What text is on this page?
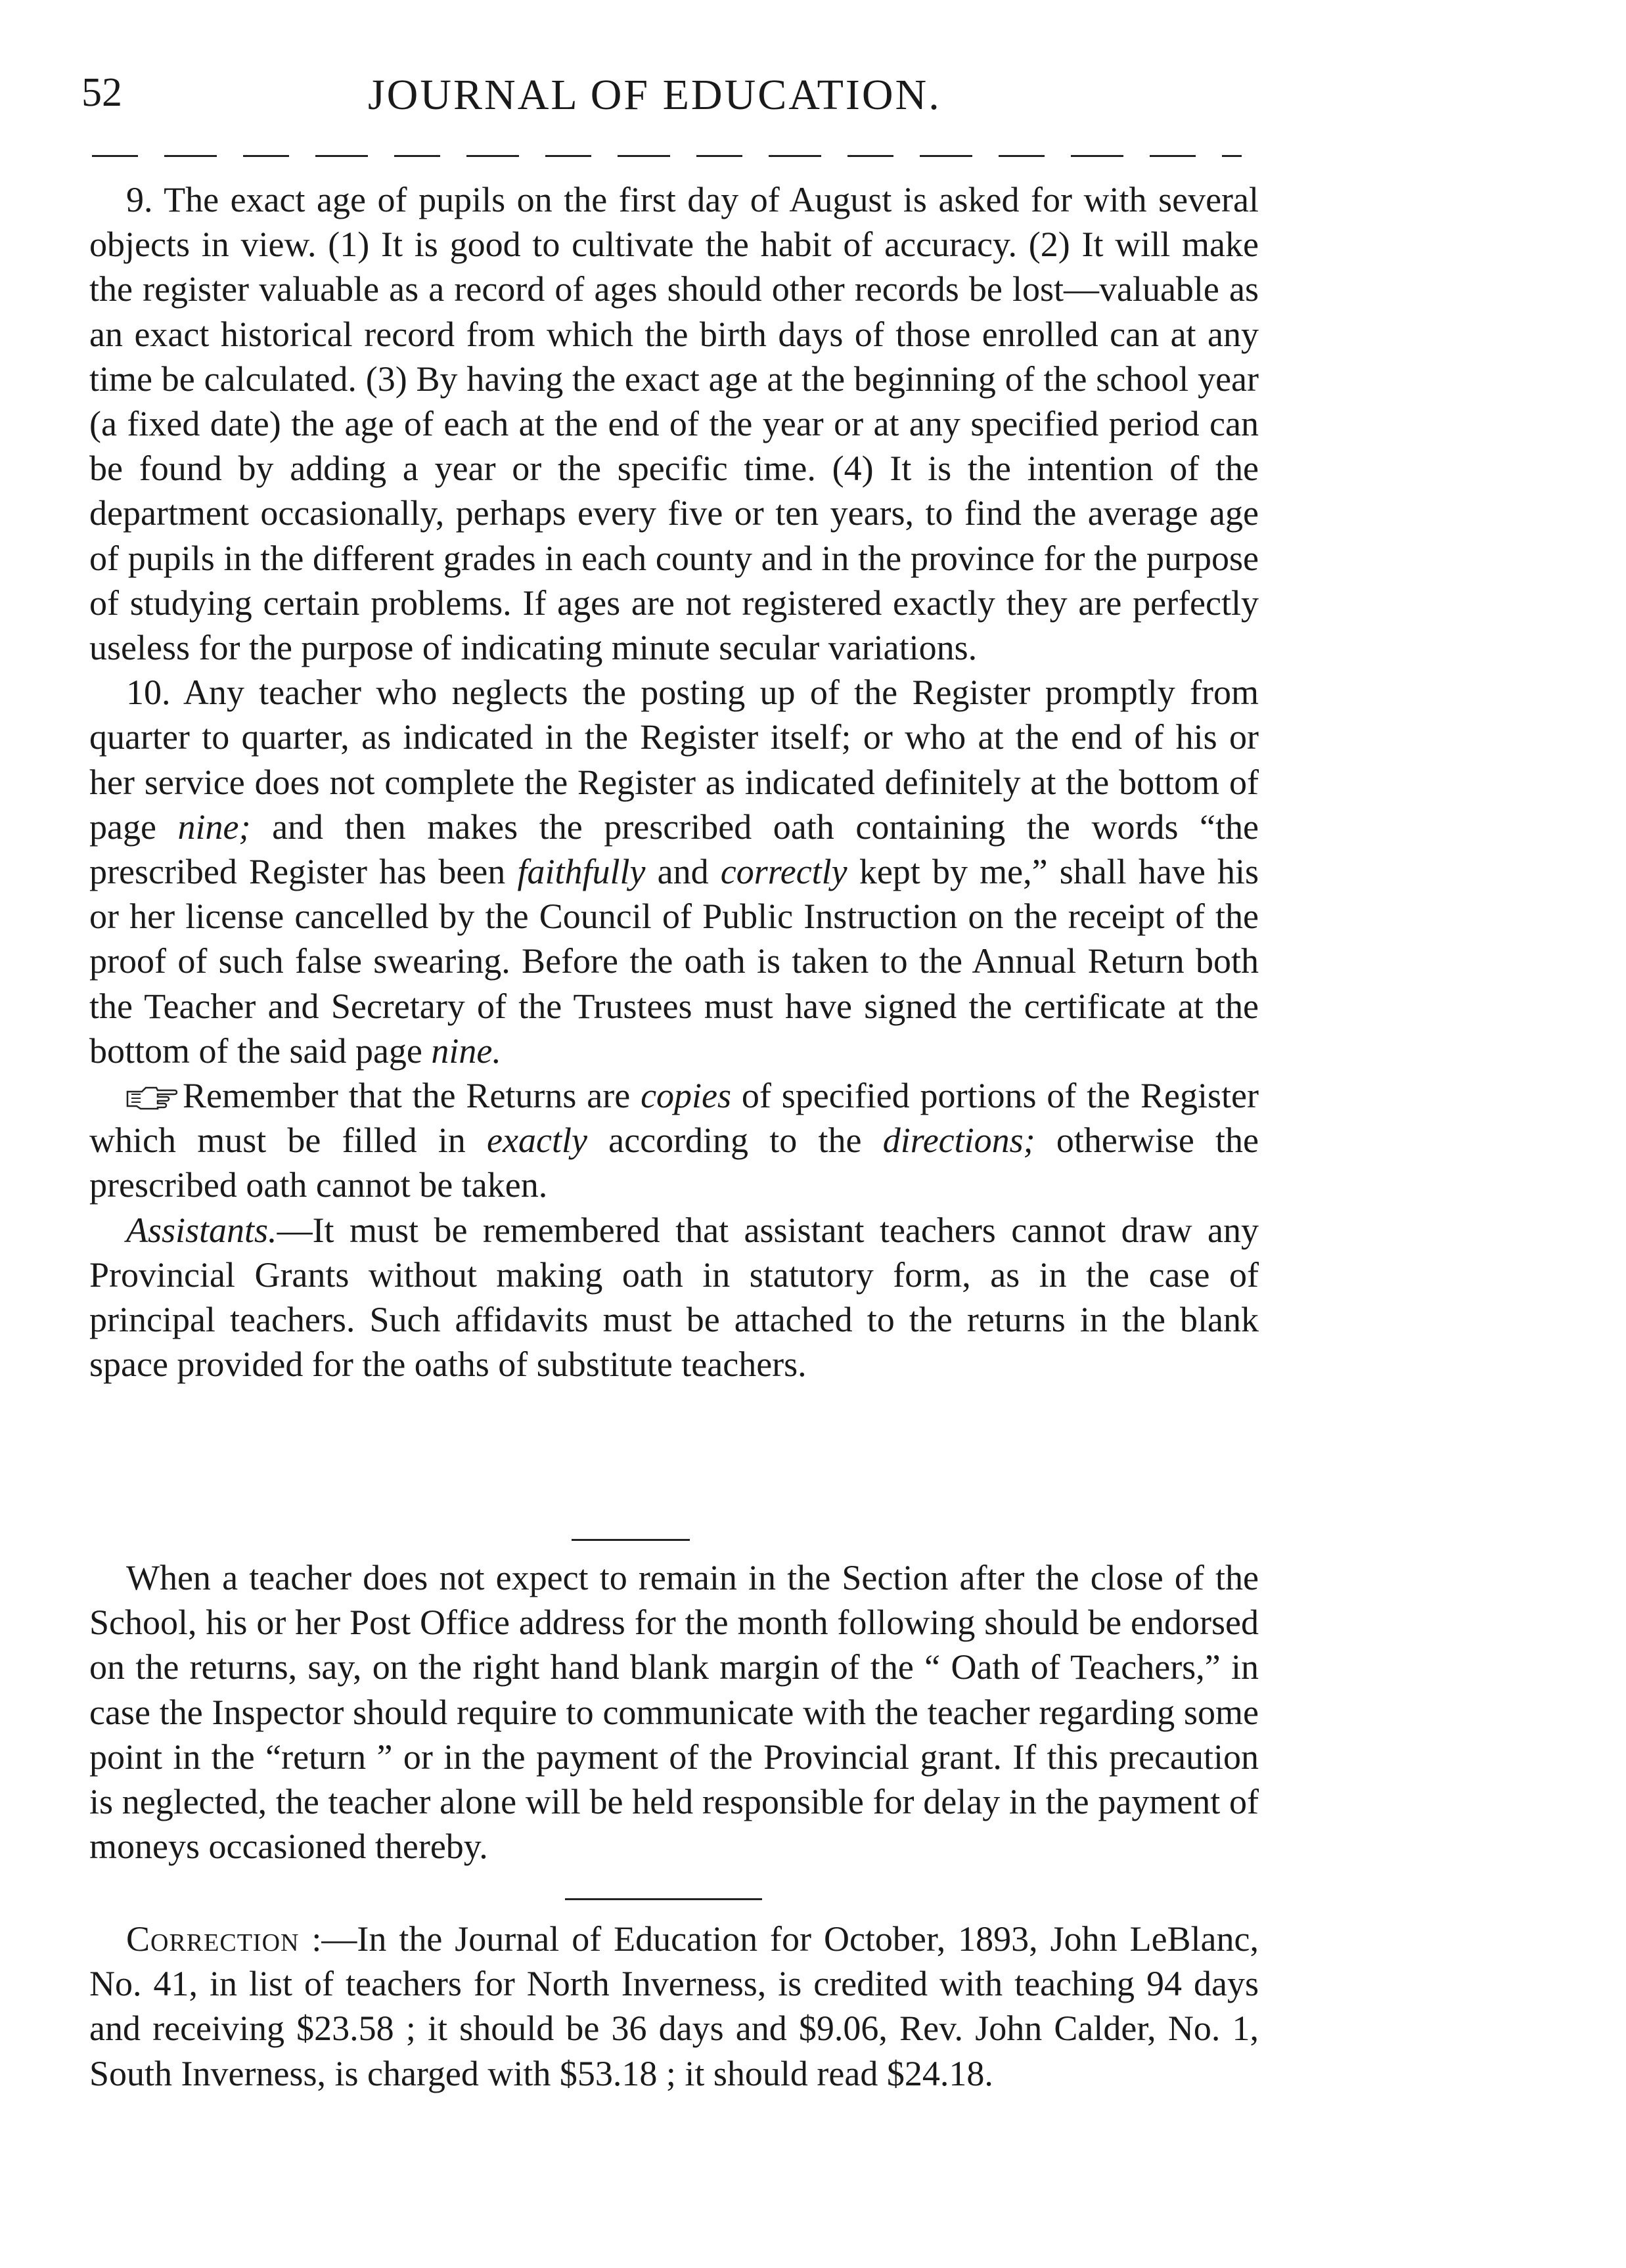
52	JOURNAL OF EDUCATION.

9. The exact age of pupils on the first day of August is asked for with several objects in view. (1) It is good to cultivate the habit of accuracy. (2) It will make the register valuable as a record of ages should other records be lost—valuable as an exact historical record from which the birth days of those enrolled can at any time be calculated. (3) By having the exact age at the beginning of the school year (a fixed date) the age of each at the end of the year or at any specified period can be found by adding a year or the specific time. (4) It is the intention of the department occasionally, perhaps every five or ten years, to find the average age of pupils in the different grades in each county and in the province for the purpose of studying certain problems. If ages are not registered exactly they are perfectly useless for the purpose of indicating minute secular variations.

10. Any teacher who neglects the posting up of the Register promptly from quarter to quarter, as indicated in the Register itself; or who at the end of his or her service does not complete the Register as indicated definitely at the bottom of page nine; and then makes the prescribed oath containing the words “the prescribed Register has been faithfully and correctly kept by me,” shall have his or her license cancelled by the Council of Public Instruction on the receipt of the proof of such false swearing. Before the oath is taken to the Annual Return both the Teacher and Secretary of the Trustees must have signed the certificate at the bottom of the said page nine.

Remember that the Returns are copies of specified portions of the Register which must be filled in exactly according to the directions; otherwise the prescribed oath cannot be taken.

Assistants.—It must be remembered that assistant teachers cannot draw any Provincial Grants without making oath in statutory form, as in the case of principal teachers. Such affidavits must be attached to the returns in the blank space provided for the oaths of substitute teachers.

When a teacher does not expect to remain in the Section after the close of the School, his or her Post Office address for the month following should be endorsed on the returns, say, on the right hand blank margin of the “ Oath of Teachers,” in case the Inspector should require to communicate with the teacher regarding some point in the “return ” or in the payment of the Provincial grant. If this precaution is neglected, the teacher alone will be held responsible for delay in the payment of moneys occasioned thereby.

Correction :—In the Journal of Education for October, 1893, John LeBlanc, No. 41, in list of teachers for North Inverness, is credited with teaching 94 days and receiving $23.58 ; it should be 36 days and $9.06, Rev. John Calder, No. 1, South Inverness, is charged with $53.18 ; it should read $24.18.
